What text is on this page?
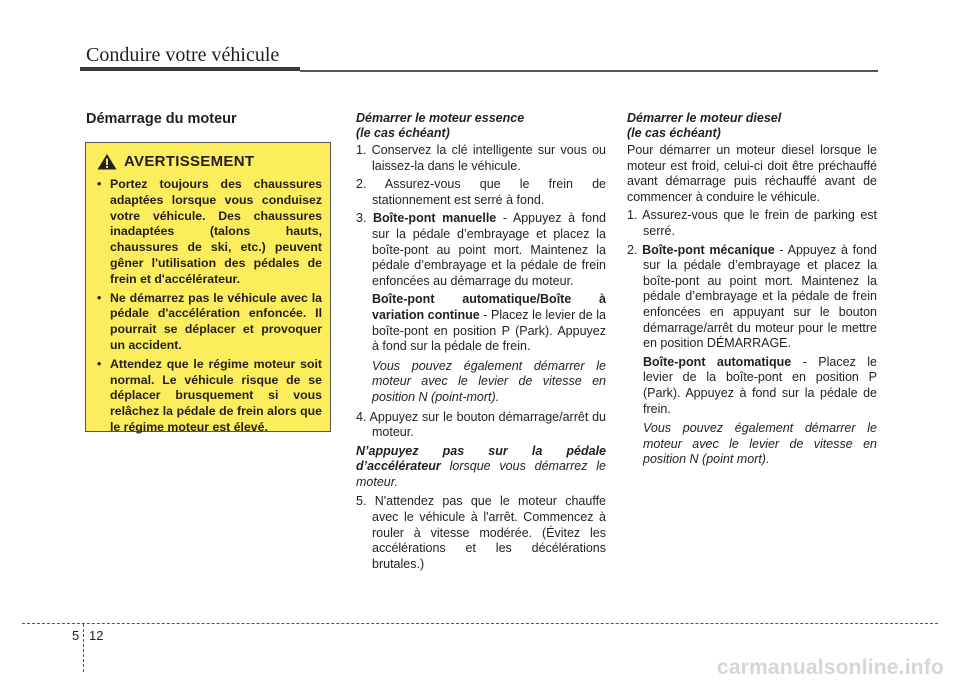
Conduire votre véhicule
Démarrage du moteur
AVERTISSEMENT
• Portez toujours des chaussures adaptées lorsque vous conduisez votre véhicule. Des chaussures inadaptées (talons hauts, chaussures de ski, etc.) peuvent gêner l'utilisation des pédales de frein et d'accélérateur.
• Ne démarrez pas le véhicule avec la pédale d'accélération enfoncée. Il pourrait se déplacer et provoquer un accident.
• Attendez que le régime moteur soit normal. Le véhicule risque de se déplacer brusquement si vous relâchez la pédale de frein alors que le régime moteur est élevé.
Démarrer le moteur essence
(le cas échéant)
1. Conservez la clé intelligente sur vous ou laissez-la dans le véhicule.
2. Assurez-vous que le frein de stationnement est serré à fond.
3. Boîte-pont manuelle - Appuyez à fond sur la pédale d’embrayage et placez la boîte-pont au point mort. Maintenez la pédale d’embrayage et la pédale de frein enfoncées au démarrage du moteur.
Boîte-pont automatique/Boîte à variation continue - Placez le levier de la boîte-pont en position P (Park). Appuyez à fond sur la pédale de frein.
Vous pouvez également démarrer le moteur avec le levier de vitesse en position N (point-mort).
4. Appuyez sur le bouton démarrage/arrêt du moteur.
N’appuyez pas sur la pédale d’accélérateur lorsque vous démarrez le moteur.
5. N'attendez pas que le moteur chauffe avec le véhicule à l'arrêt. Commencez à rouler à vitesse modérée. (Évitez les accélérations et les décélérations brutales.)
Démarrer le moteur diesel
(le cas échéant)
Pour démarrer un moteur diesel lorsque le moteur est froid, celui-ci doit être préchauffé avant démarrage puis réchauffé avant de commencer à conduire le véhicule.
1. Assurez-vous que le frein de parking est serré.
2. Boîte-pont mécanique - Appuyez à fond sur la pédale d’embrayage et placez la boîte-pont au point mort. Maintenez la pédale d’embrayage et la pédale de frein enfoncées en appuyant sur le bouton démarrage/arrêt du moteur pour le mettre en position DÉMARRAGE.
Boîte-pont automatique - Placez le levier de la boîte-pont en position P (Park). Appuyez à fond sur la pédale de frein.
Vous pouvez également démarrer le moteur avec le levier de vitesse en position N (point mort).
5 12
carmanualsonline.info
